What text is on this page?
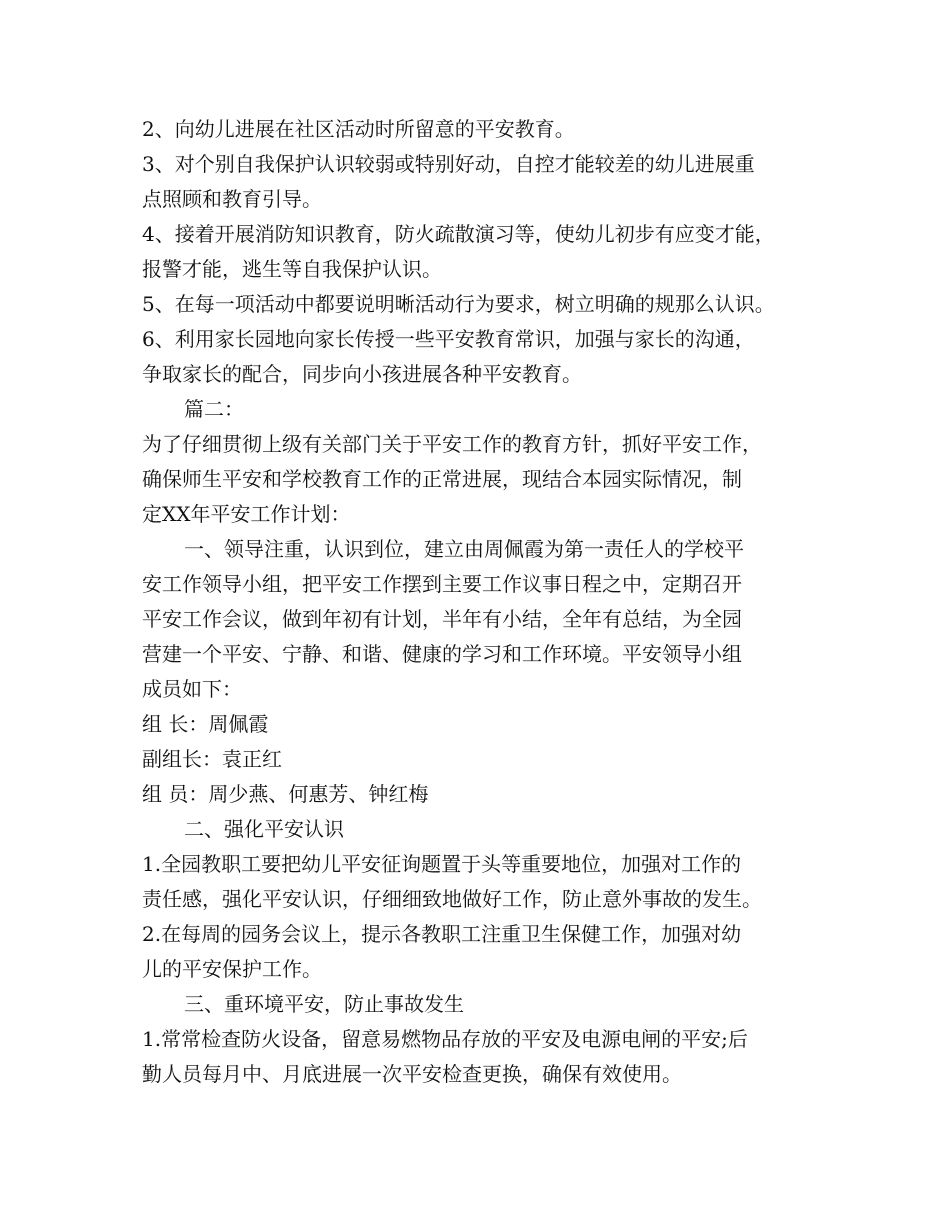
2、向幼儿进展在社区活动时所留意的平安教育。
3、对个别自我保护认识较弱或特别好动，自控才能较差的幼儿进展重
点照顾和教育引导。
4、接着开展消防知识教育，防火疏散演习等，使幼儿初步有应变才能，
报警才能，逃生等自我保护认识。
5、在每一项活动中都要说明晰活动行为要求，树立明确的规那么认识。
6、利用家长园地向家长传授一些平安教育常识，加强与家长的沟通，
争取家长的配合，同步向小孩进展各种平安教育。
篇二：
为了仔细贯彻上级有关部门关于平安工作的教育方针，抓好平安工作，
确保师生平安和学校教育工作的正常进展，现结合本园实际情况，制
定XX年平安工作计划：
一、领导注重，认识到位，建立由周佩霞为第一责任人的学校平
安工作领导小组，把平安工作摆到主要工作议事日程之中，定期召开
平安工作会议，做到年初有计划，半年有小结，全年有总结，为全园
营建一个平安、宁静、和谐、健康的学习和工作环境。平安领导小组
成员如下：
组 长：周佩霞
副组长：袁正红
组 员：周少燕、何惠芳、钟红梅
二、强化平安认识
1.全园教职工要把幼儿平安征询题置于头等重要地位，加强对工作的
责任感，强化平安认识，仔细细致地做好工作，防止意外事故的发生。
2.在每周的园务会议上，提示各教职工注重卫生保健工作，加强对幼
儿的平安保护工作。
三、重环境平安，防止事故发生
1.常常检查防火设备，留意易燃物品存放的平安及电源电闸的平安;后
勤人员每月中、月底进展一次平安检查更换，确保有效使用。
